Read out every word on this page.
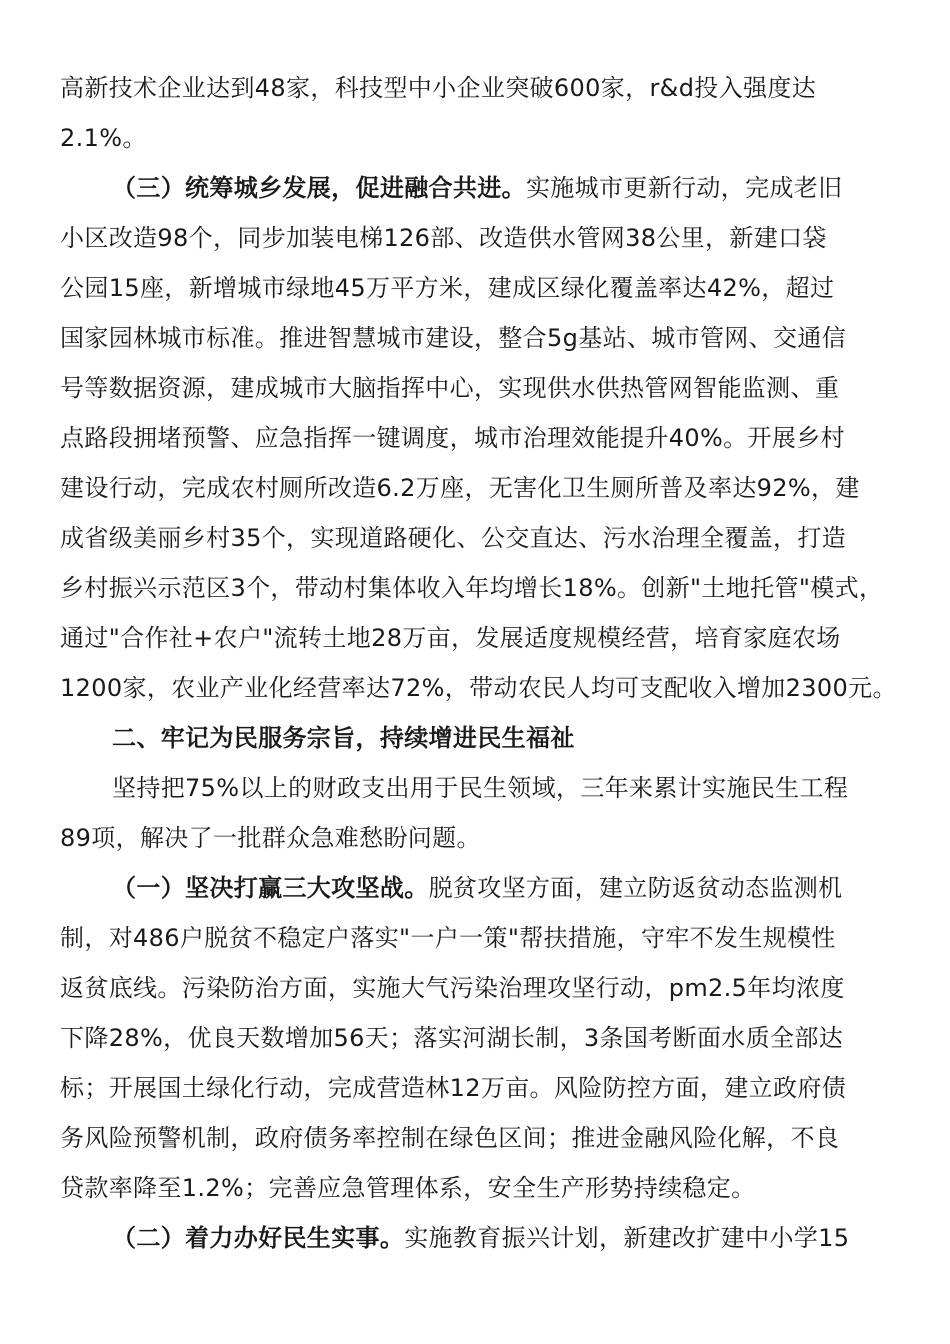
高新技术企业达到48家，科技型中小企业突破600家，r&d投入强度达
2.1%。
（三）统筹城乡发展，促进融合共进。实施城市更新行动，完成老旧
小区改造98个，同步加装电梯126部、改造供水管网38公里，新建口袋
公园15座，新增城市绿地45万平方米，建成区绿化覆盖率达42%，超过
国家园林城市标准。推进智慧城市建设，整合5g基站、城市管网、交通信
号等数据资源，建成城市大脑指挥中心，实现供水供热管网智能监测、重
点路段拥堵预警、应急指挥一键调度，城市治理效能提升40%。开展乡村
建设行动，完成农村厕所改造6.2万座，无害化卫生厕所普及率达92%，建
成省级美丽乡村35个，实现道路硬化、公交直达、污水治理全覆盖，打造
乡村振兴示范区3个，带动村集体收入年均增长18%。创新"土地托管"模式，
通过"合作社+农户"流转土地28万亩，发展适度规模经营，培育家庭农场
1200家，农业产业化经营率达72%，带动农民人均可支配收入增加2300元。
二、牢记为民服务宗旨，持续增进民生福祉
坚持把75%以上的财政支出用于民生领域，三年来累计实施民生工程
89项，解决了一批群众急难愁盼问题。
（一）坚决打赢三大攻坚战。脱贫攻坚方面，建立防返贫动态监测机
制，对486户脱贫不稳定户落实"一户一策"帮扶措施，守牢不发生规模性
返贫底线。污染防治方面，实施大气污染治理攻坚行动，pm2.5年均浓度
下降28%，优良天数增加56天；落实河湖长制，3条国考断面水质全部达
标；开展国土绿化行动，完成营造林12万亩。风险防控方面，建立政府债
务风险预警机制，政府债务率控制在绿色区间；推进金融风险化解，不良
贷款率降至1.2%；完善应急管理体系，安全生产形势持续稳定。
（二）着力办好民生实事。实施教育振兴计划，新建改扩建中小学15
